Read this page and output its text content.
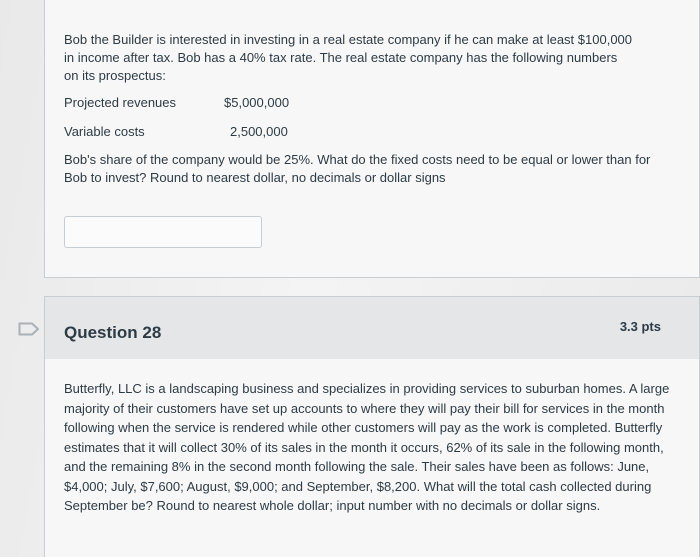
Bob the Builder is interested in investing in a real estate company if he can make at least $100,000 in income after tax. Bob has a 40% tax rate. The real estate company has the following numbers on its prospectus:
Projected revenues	$5,000,000
Variable costs	2,500,000
Bob's share of the company would be 25%. What do the fixed costs need to be equal or lower than for Bob to invest? Round to nearest dollar, no decimals or dollar signs
Question 28	3.3 pts
Butterfly, LLC is a landscaping business and specializes in providing services to suburban homes. A large majority of their customers have set up accounts to where they will pay their bill for services in the month following when the service is rendered while other customers will pay as the work is completed. Butterfly estimates that it will collect 30% of its sales in the month it occurs, 62% of its sale in the following month, and the remaining 8% in the second month following the sale. Their sales have been as follows: June, $4,000; July, $7,600; August, $9,000; and September, $8,200. What will the total cash collected during September be? Round to nearest whole dollar; input number with no decimals or dollar signs.
